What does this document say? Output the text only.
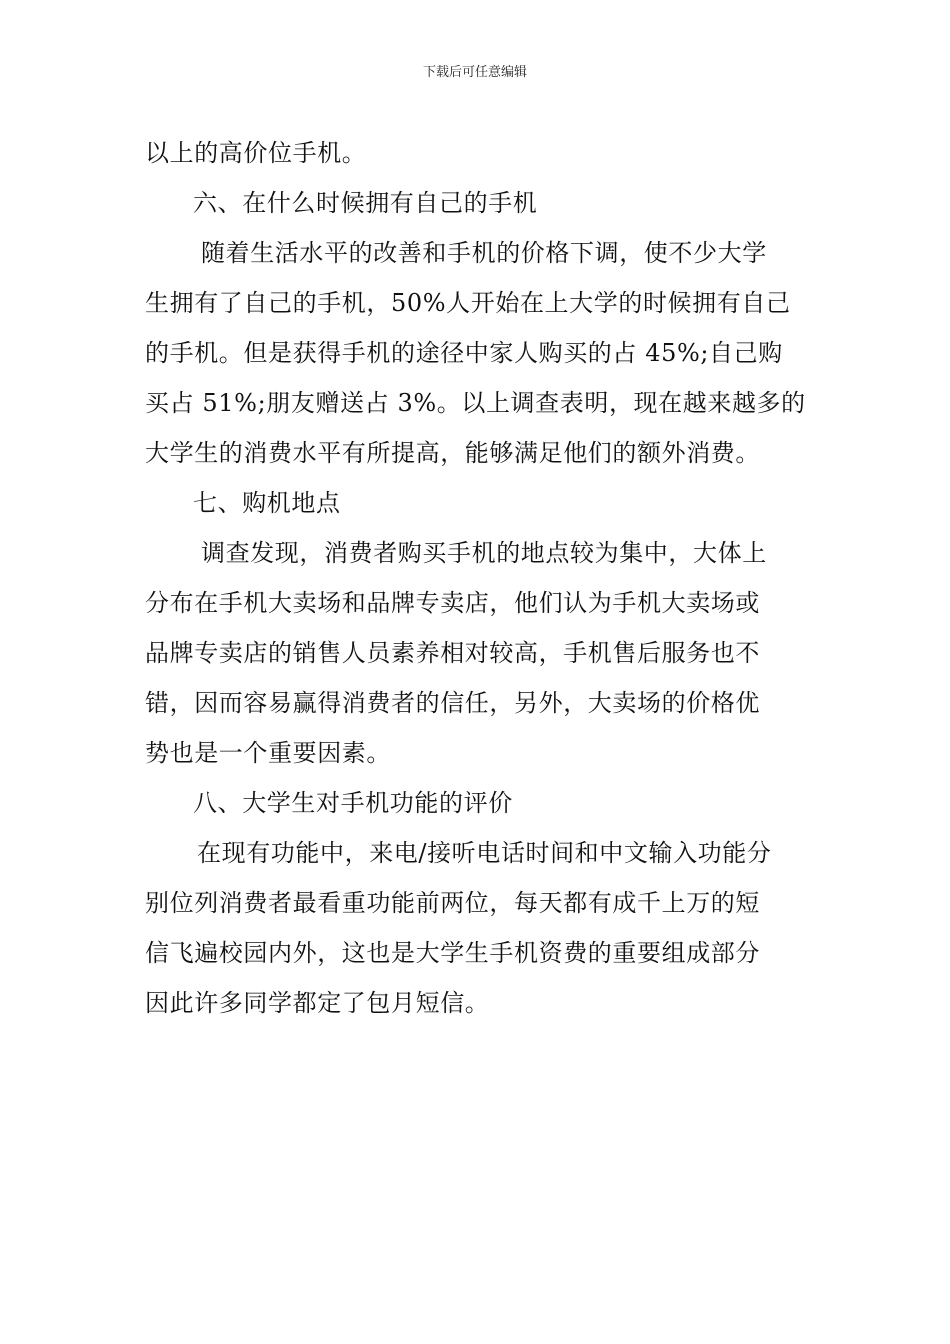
下载后可任意编辑
以上的高价位手机。
六、在什么时候拥有自己的手机
随着生活水平的改善和手机的价格下调，使不少大学
生拥有了自己的手机，50%人开始在上大学的时候拥有自己
的手机。但是获得手机的途径中家人购买的占 45%;自己购
买占 51%;朋友赠送占 3%。以上调查表明，现在越来越多的
大学生的消费水平有所提高，能够满足他们的额外消费。
七、购机地点
调查发现，消费者购买手机的地点较为集中，大体上
分布在手机大卖场和品牌专卖店，他们认为手机大卖场或
品牌专卖店的销售人员素养相对较高，手机售后服务也不
错，因而容易赢得消费者的信任，另外，大卖场的价格优
势也是一个重要因素。
八、大学生对手机功能的评价
在现有功能中，来电/接听电话时间和中文输入功能分
别位列消费者最看重功能前两位，每天都有成千上万的短
信飞遍校园内外，这也是大学生手机资费的重要组成部分
因此许多同学都定了包月短信。
